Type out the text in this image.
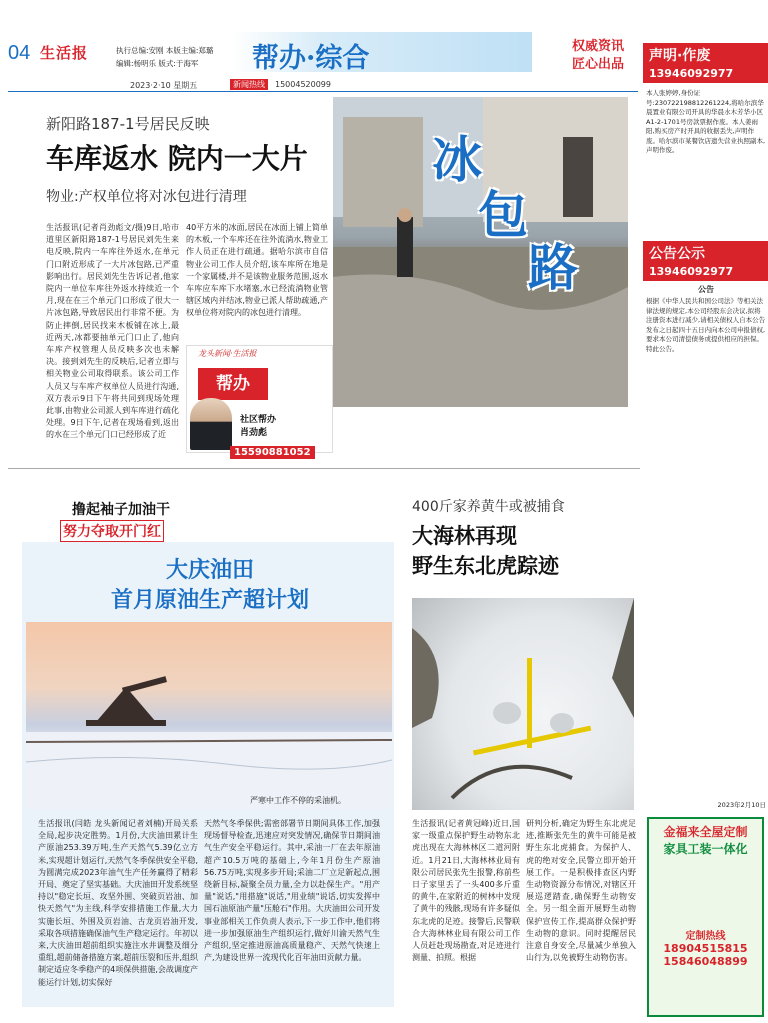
04 生活报	执行总编:安刚 本版主编:郑璐
编辑:杨明乐 版式:于海军	帮办·综合	权威资讯
匠心出品
2023·2·10 星期五	新闻热线	15004520099
新阳路187-1号居民反映
车库返水 院内一大片
物业:产权单位将对冰包进行清理
冰
包
路
生活报讯(记者肖劲彪文/摄)9日,哈市道里区新阳路187-1号居民刘先生来电反映,院内一车库往外返水,在单元门口附近形成了一大片冰包路,已严重影响出行。居民刘先生告诉记者,他家院内一单位车库往外返水持续近一个月,现在在三个单元门口形成了很大一片冰包路,导致居民出行非常不便。为防止摔倒,居民找来木板铺在冰上,最近两天,冰都要抽单元门口止了,他向车库产权管理人员反映多次也未解决。接到刘先生的反映后,记者立即与相关物业公司取得联系。该公司工作人员又与车库产权单位人员进行沟通,双方表示9日下午将共同到现场处理此事,由物业公司派人到车库进行疏化处理。9日下午,记者在现场看到,返出的水在三个单元门口已经形成了近
40平方米的冰面,居民在冰面上铺上简单的木板,一个车库还在往外流淌水,物业工作人员正在进行疏通。据哈尔滨市自信物业公司工作人员介绍,该车库所在地是一个家属楼,并不是该物业服务范围,返水车库应车库下水堵塞,水已经流淌物业管辖区域内并结冰,物业已派人帮助疏通,产权单位将对院内的冰包进行清理。
龙头新闻·生活报
帮办
社区帮办
肖劲彪
15590881052
撸起袖子加油干
努力夺取开门红
大庆油田
首月原油生产超计划
严寒中工作不停的采油机。
生活报讯(闫皓 龙头新闻记者刘楠)开局关系全局,起步决定胜势。1月份,大庆油田累计生产原油253.39万吨,生产天然气5.39亿立方米,实现超计划运行,天然气冬季保供安全平稳,为圆满完成2023年油气生产任务赢得了精彩开局、奠定了坚实基础。大庆油田开发系统坚持以"稳定长垣、攻坚外围、突破页岩油、加快天然气"为主线,科学安排措施工作量,大力实施长垣、外围及页岩油、古龙页岩油开发,采取各项措施确保油气生产稳定运行。年初以来,大庆油田超前组织实施注水井调整及细分重组,超前储备措施方案,超前压裂和压井,组织制定适应冬季稳产的4项保供措施,会战调度产能运行计划,切实保好
天然气冬季保供;需密部署节日期间具体工作,加强现场督导检查,迅速应对突发情况,确保节日期间油气生产安全平稳运行。其中,采油一厂在去年原油超产10.5万吨的基础上,今年1月份生产原油56.75万吨,实现多步开局;采油二厂立足新起点,围绕新目标,凝聚全员力量,全力以赴保生产。"用产量"说话,"用措施"说话,"用业绩"说话,切实发挥中国石油原油产量"压舱石"作用。大庆油田公司开发事业部相关工作负责人表示,下一步工作中,他们将进一步加强原油生产组织运行,做好川渝天然气生产组织,坚定推进原油高质量稳产、天然气快速上产,为建设世界一流现代化百年油田贡献力量。
400斤家养黄牛或被捕食
大海林再现
野生东北虎踪迹
生活报讯(记者黄冠峰)近日,国家一级重点保护野生动物东北虎出现在大海林林区二道河附近。1月21日,大海林林业局有限公司居民张先生报警,称前些日子家里丢了一头400多斤重的黄牛,在家附近的树林中发现了黄牛的残骸,现场有许多疑似东北虎的足迹。接警后,民警联合大海林林业局有限公司工作人员赶赴现场勘查,对足迹进行测量、拍照。根据
研判分析,确定为野生东北虎足迹,推断张先生的黄牛可能是被野生东北虎捕食。为保护人、虎的绝对安全,民警立即开始开展工作。一是积极排查区内野生动物资源分布情况,对辖区开展巡逻踏查,确保野生动物安全。另一组全面开展野生动物保护宣传工作,提高群众保护野生动物的意识。同时提醒居民注意自身安全,尽量减少单独入山行为,以免被野生动物伤害。
声明·作废
13946092977
本人张婷婷,身份证号:230722198812261224,将哈尔滨华晨置业有限公司开具的华晨水木芳华小区A1-2-1701号房款票据作废。本人姜雨阳,购买房产时开具的收据丢失,声明作废。哈尔滨市某餐饮店遗失营业执照副本,声明作废。
公告公示
13946092977
公告
根据《中华人民共和国公司法》等相关法律法规的规定,本公司经股东会决议,拟将注册资本进行减少,请相关债权人自本公告发布之日起四十五日内向本公司申报债权,要求本公司清偿债务或提供相应的担保。特此公告。
2023年2月10日
金福来全屋定制
家具工装一体化
定制热线
18904515815
15846048899
